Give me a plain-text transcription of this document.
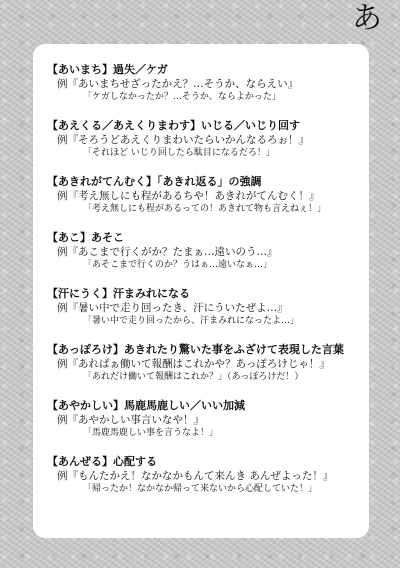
あ
【あいまち】過失／ケガ
例『あいまちせざったかえ？…そうか、ならえい』
「ケガしなかったか？…そうか、ならよかった」
【あえくる／あえくりまわす】いじる／いじり回す
例『そろうどあえくりまわいたらいかんなるろぉ！』
「それほど いじり回したら駄目になるだろ！」
【あきれがてんむく】「あきれ返る」の強調
例『考え無しにも程があるちや！あきれがてんむく！』
「考え無しにも程があるっての！あきれて物も言えねぇ！」
【あこ】あそこ
例『あこまで行くがか？たまぁ…遠いのう…』
「あそこまで行くのか？うはぁ…遠いなぁ…」
【汗にうく】汗まみれになる
例『暑い中で走り回ったき、汗にういたぜよ…』
「暑い中で走り回ったから、汗まみれになったよ…」
【あっぽろけ】あきれたり驚いた事をふざけて表現した言葉
例『あればぁ働いて報酬はこれかや？あっぽろけじゃ！』
「あれだけ働いて報酬はこれか？」（あっぽろけだ！）
【あやかしい】馬鹿馬鹿しい／いい加減
例『あやかしい事言いなや！』
「馬鹿馬鹿しい事を言うなよ！」
【あんぜる】心配する
例『もんたかえ！なかなかもんて来んき あんぜよった！』
「帰ったか！なかなか帰って来ないから心配していた！」
